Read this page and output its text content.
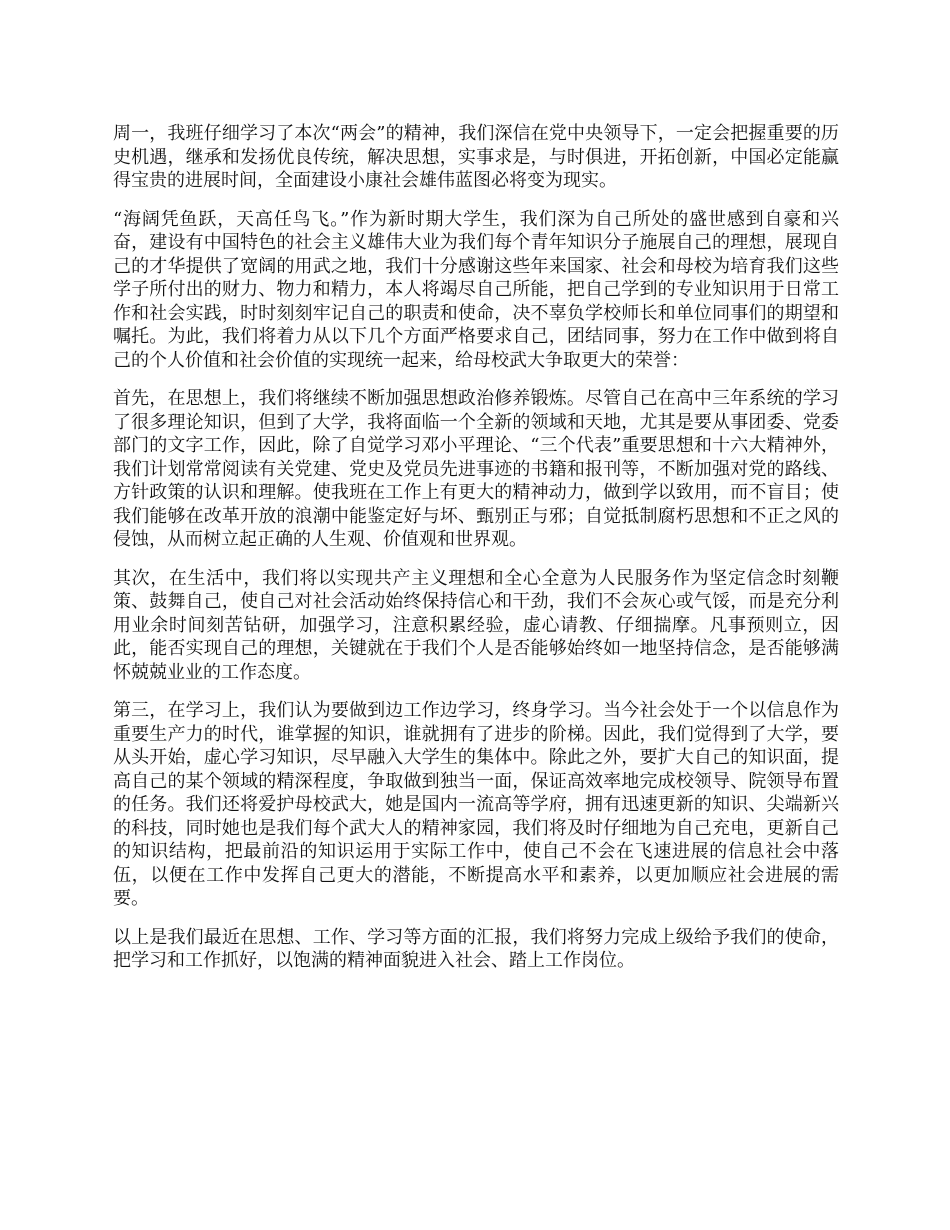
周一，我班仔细学习了本次“两会”的精神，我们深信在党中央领导下，一定会把握重要的历史机遇，继承和发扬优良传统，解决思想，实事求是，与时俱进，开拓创新，中国必定能赢得宝贵的进展时间，全面建设小康社会雄伟蓝图必将变为现实。

“海阔凭鱼跃，天高任鸟飞。”作为新时期大学生，我们深为自己所处的盛世感到自豪和兴奋，建设有中国特色的社会主义雄伟大业为我们每个青年知识分子施展自己的理想，展现自己的才华提供了宽阔的用武之地，我们十分感谢这些年来国家、社会和母校为培育我们这些学子所付出的财力、物力和精力，本人将竭尽自己所能，把自己学到的专业知识用于日常工作和社会实践，时时刻刻牢记自己的职责和使命，决不辜负学校师长和单位同事们的期望和嘱托。为此，我们将着力从以下几个方面严格要求自己，团结同事，努力在工作中做到将自己的个人价值和社会价值的实现统一起来，给母校武大争取更大的荣誉：

首先，在思想上，我们将继续不断加强思想政治修养锻炼。尽管自己在高中三年系统的学习了很多理论知识，但到了大学，我将面临一个全新的领域和天地，尤其是要从事团委、党委部门的文字工作，因此，除了自觉学习邓小平理论、“三个代表”重要思想和十六大精神外，我们计划常常阅读有关党建、党史及党员先进事迹的书籍和报刊等，不断加强对党的路线、方针政策的认识和理解。使我班在工作上有更大的精神动力，做到学以致用，而不盲目；使我们能够在改革开放的浪潮中能鉴定好与坏、甄别正与邪；自觉抵制腐朽思想和不正之风的侵蚀，从而树立起正确的人生观、价值观和世界观。

其次，在生活中，我们将以实现共产主义理想和全心全意为人民服务作为坚定信念时刻鞭策、鼓舞自己，使自己对社会活动始终保持信心和干劲，我们不会灰心或气馁，而是充分利用业余时间刻苦钻研，加强学习，注意积累经验，虚心请教、仔细揣摩。凡事预则立，因此，能否实现自己的理想，关键就在于我们个人是否能够始终如一地坚持信念，是否能够满怀兢兢业业的工作态度。

第三，在学习上，我们认为要做到边工作边学习，终身学习。当今社会处于一个以信息作为重要生产力的时代，谁掌握的知识，谁就拥有了进步的阶梯。因此，我们觉得到了大学，要从头开始，虚心学习知识，尽早融入大学生的集体中。除此之外，要扩大自己的知识面，提高自己的某个领域的精深程度，争取做到独当一面，保证高效率地完成校领导、院领导布置的任务。我们还将爱护母校武大，她是国内一流高等学府，拥有迅速更新的知识、尖端新兴的科技，同时她也是我们每个武大人的精神家园，我们将及时仔细地为自己充电，更新自己的知识结构，把最前沿的知识运用于实际工作中，使自己不会在飞速进展的信息社会中落伍，以便在工作中发挥自己更大的潜能，不断提高水平和素养，以更加顺应社会进展的需要。

以上是我们最近在思想、工作、学习等方面的汇报，我们将努力完成上级给予我们的使命，把学习和工作抓好，以饱满的精神面貌进入社会、踏上工作岗位。
